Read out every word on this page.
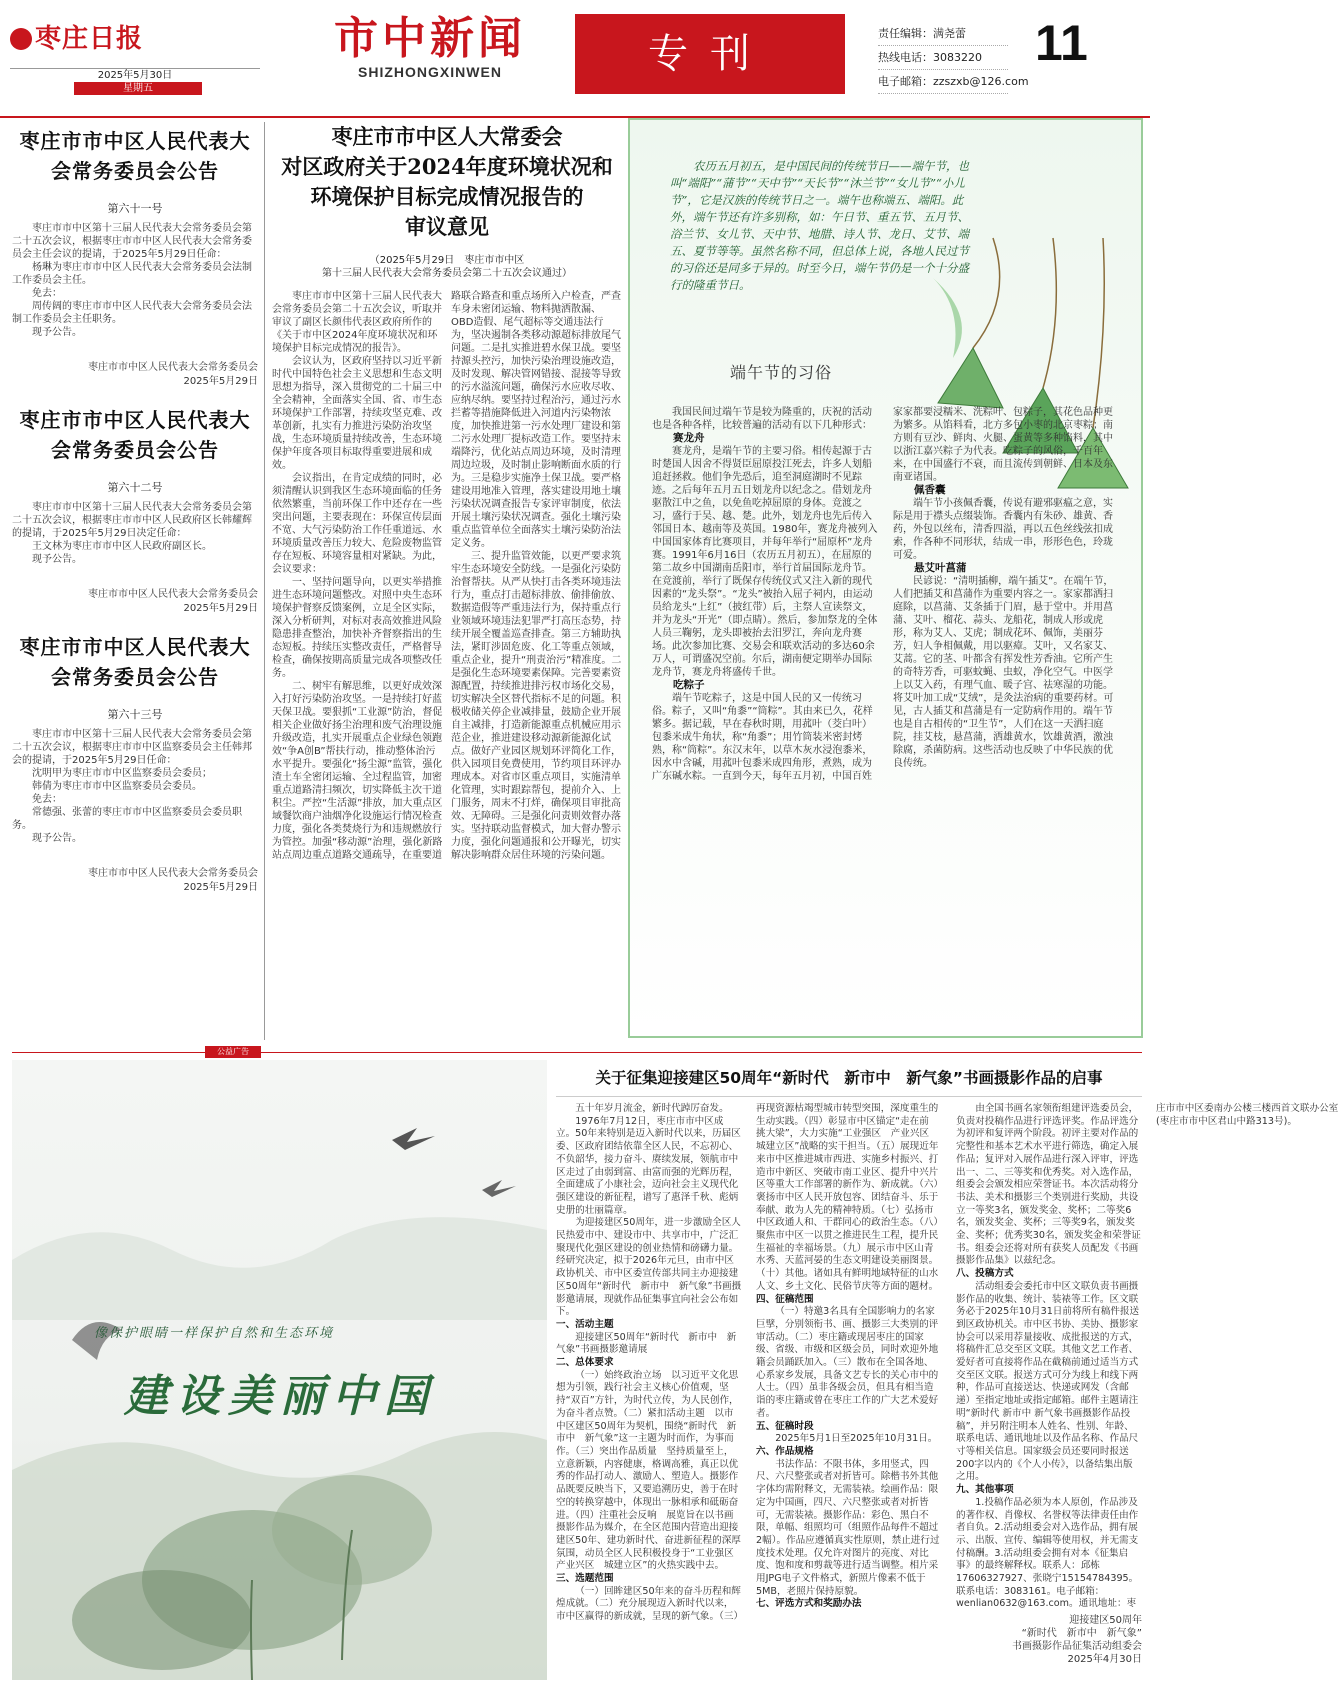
枣庄日报
2025年5月30日
星期五
市中新闻
SHIZHONGXINWEN	专刊	责任编辑：满尧蕾
热线电话：3083220
电子邮箱：zzszxb@126.com
11
枣庄市市中区人民代表大会常务委员会公告
第六十一号

枣庄市市中区第十三届人民代表大会常务委员会第二十五次会议，根据枣庄市市中区人民代表大会常务委员会主任会议的提请，于2025年5月29日任命：

杨琳为枣庄市市中区人民代表大会常务委员会法制工作委员会主任。

免去：

周传阔的枣庄市市中区人民代表大会常务委员会法制工作委员会主任职务。

现予公告。

枣庄市市中区人民代表大会常务委员会
2025年5月29日
枣庄市市中区人民代表大会常务委员会公告
第六十二号

枣庄市市中区第十三届人民代表大会常务委员会第二十五次会议，根据枣庄市市中区人民政府区长韩耀辉的提请，于2025年5月29日决定任命：

王文林为枣庄市市中区人民政府副区长。

现予公告。

枣庄市市中区人民代表大会常务委员会
2025年5月29日
枣庄市市中区人民代表大会常务委员会公告
第六十三号

枣庄市市中区第十三届人民代表大会常务委员会第二十五次会议，根据枣庄市市中区监察委员会主任韩邦会的提请，于2025年5月29日任命：

沈明甲为枣庄市市中区监察委员会委员；

韩倩为枣庄市市中区监察委员会委员。

免去：

常德强、张蕾的枣庄市市中区监察委员会委员职务。

现予公告。

枣庄市市中区人民代表大会常务委员会
2025年5月29日
枣庄市市中区人大常委会
对区政府关于2024年度环境状况和
环境保护目标完成情况报告的
审议意见
（2025年5月29日　枣庄市市中区
第十三届人民代表大会常务委员会第二十五次会议通过）

枣庄市市中区第十三届人民代表大会常务委员会第二十五次会议，听取并审议了副区长颜伟代表区政府所作的《关于市中区2024年度环境状况和环境保护目标完成情况的报告》。

会议认为，区政府坚持以习近平新时代中国特色社会主义思想和生态文明思想为指导，深入贯彻党的二十届三中全会精神，全面落实全国、省、市生态环境保护工作部署，持续攻坚克难、改革创新，扎实有力推进污染防治攻坚战，生态环境质量持续改善，生态环境保护年度各项目标取得重要进展和成效。

会议指出，在肯定成绩的同时，必须清醒认识到我区生态环境面临的任务依然繁重，当前环保工作中还存在一些突出问题，主要表现在：环保宣传层面不宽、大气污染防治工作任重道远、水环境质量改善压力较大、危险废物监管存在短板、环境容量相对紧缺。为此，会议要求：

一、坚持问题导向，以更实举措推进生态环境问题整改。对照中央生态环境保护督察反馈案例，立足全区实际，深入分析研判，对标对表高效推进风险隐患排查整治，加快补齐督察指出的生态短板。持续压实整改责任，严格督导检查，确保按期高质量完成各项整改任务。

二、树牢有解思维，以更好成效深入打好污染防治攻坚。一是持续打好蓝天保卫战。要狠抓“工业源”防治，督促相关企业做好扬尘治理和废气治理设施升级改造，扎实开展重点企业绿色领跑效“争A创B”帮扶行动，推动整体治污水平提升。要强化“扬尘源”监管，强化渣土车全密闭运输、全过程监管，加密重点道路清扫频次，切实降低主次干道积尘。严控“生活源”排放，加大重点区域餐饮商户油烟净化设施运行情况检查力度，强化各类焚烧行为和违规燃放行为管控。加强“移动源”治理，强化新路站点周边重点道路交通疏导，在重要道路联合路查和重点场所入户检查，严查车身未密闭运输、物料抛洒散漏、OBD造假、尾气超标等交通违法行为，坚决遏制各类移动源超标排放尾气问题。二是扎实推进碧水保卫战。要坚持源头控污，加快污染治理设施改造，及时发现、解决管网错接、混接等导致的污水溢流问题，确保污水应收尽收、应纳尽纳。要坚持过程治污，通过污水拦蓄等措施降低进入河道内污染物浓度，加快推进第一污水处理厂建设和第二污水处理厂提标改造工作。要坚持末端降污，优化站点周边环境，及时清理周边垃圾，及时制止影响断面水质的行为。三是稳步实施净土保卫战。要严格建设用地准入管理，落实建设用地土壤污染状况调查报告专家评审制度，依法开展土壤污染状况调查。强化土壤污染重点监管单位全面落实土壤污染防治法定义务。

三、提升监管效能，以更严要求筑牢生态环境安全防线。一是强化污染防治督帮扶。从严从快打击各类环境违法行为，重点打击超标排放、偷排偷放、数据造假等严重违法行为，保持重点行业领域环境违法犯罪严打高压态势，持续开展全覆盖巡查排查。第三方辅助执法，紧盯涉固危废、化工等重点领域，重点企业，提升“刑责治污”精准度。二是强化生态环境要素保障。完善要素资源配置，持续推进排污权市场化交易，切实解决全区替代指标不足的问题。积极收储关停企业减排量，鼓励企业开展自主减排，打造新能源重点机械应用示范企业，推进建设移动源新能源化试点。做好产业园区规划环评简化工作，供入园项目免费使用，节约项目环评办理成本。对省市区重点项目，实施清单化管理，实时跟踪帮包，提前介入、上门服务，周末不打烊，确保项目审批高效、无障碍。三是强化问责则效督办落实。坚持联动监督模式，加大督办警示力度，强化问题通报和公开曝光，切实解决影响群众居住环境的污染问题。

农历五月初五，是中国民间的传统节日——端午节，也叫“端阳”“蒲节”“天中节”“天长节”“沐兰节”“女儿节”“小儿节”，它是汉族的传统节日之一。端午也称端五、端阳。此外，端午节还有许多别称，如：午日节、重五节、五月节、浴兰节、女儿节、天中节、地腊、诗人节、龙日、艾节、端五、夏节等等。虽然名称不同，但总体上说，各地人民过节的习俗还是同多于异的。时至今日，端午节仍是一个十分盛行的隆重节日。
端午节的习俗

我国民间过端午节是较为隆重的，庆祝的活动也是各种各样，比较普遍的活动有以下几种形式：

赛龙舟

赛龙舟，是端午节的主要习俗。相传起源于古时楚国人因舍不得贤臣屈原投江死去，许多人划船追赶拯救。他们争先恐后，追至洞庭湖时不见踪迹。之后每年五月五日划龙舟以纪念之。借划龙舟驱散江中之鱼，以免鱼吃掉屈原的身体。竞渡之习，盛行于吴、越、楚。此外，划龙舟也先后传入邻国日本、越南等及英国。1980年，赛龙舟被列入中国国家体育比赛项目，并每年举行“屈原杯”龙舟赛。1991年6月16日（农历五月初五），在屈原的第二故乡中国湖南岳阳市，举行首届国际龙舟节。在竞渡前，举行了既保存传统仪式又注入新的现代因素的“龙头祭”。“龙头”被抬入屈子祠内，由运动员给龙头“上红”（披红带）后，主祭人宣读祭文，并为龙头“开光”（即点睛）。然后，参加祭龙的全体人员三鞠躬，龙头即被抬去汨罗江，奔向龙舟赛场。此次参加比赛、交易会和联欢活动的多达60余万人，可谓盛况空前。尔后，湖南便定期举办国际龙舟节，赛龙舟将盛传千世。

吃粽子

端午节吃粽子，这是中国人民的又一传统习俗。粽子，又叫“角黍”“筒粽”。其由来已久，花样繁多。据记载，早在春秋时期，用菰叶（茭白叶）包黍米成牛角状，称“角黍”；用竹筒装米密封烤熟，称“筒粽”。东汉末年，以草木灰水浸泡黍米，因水中含碱，用菰叶包黍米成四角形，煮熟，成为广东碱水粽。一直到今天，每年五月初，中国百姓家家都要浸糯米、洗粽叶、包粽子，其花色品种更为繁多。从馅料看，北方多包小枣的北京枣粽；南方则有豆沙、鲜肉、火腿、蛋黄等多种馅料，其中以浙江嘉兴粽子为代表。吃粽子的风俗，千百年来，在中国盛行不衰，而且流传到朝鲜、日本及东南亚诸国。

佩香囊

端午节小孩佩香囊，传说有避邪驱瘟之意，实际是用于襟头点缀装饰。香囊内有朱砂、雄黄、香药，外包以丝布，清香四溢，再以五色丝线弦扣成索，作各种不同形状，结成一串，形形色色，玲珑可爱。

悬艾叶菖蒲

民谚说：“清明插柳，端午插艾”。在端午节，人们把插艾和菖蒲作为重要内容之一。家家都洒扫庭除，以菖蒲、艾条插于门眉，悬于堂中。并用菖蒲、艾叶、榴花、蒜头、龙船花，制成人形或虎形，称为艾人、艾虎；制成花环、佩饰，美丽芬芳，妇人争相佩戴，用以驱瘴。艾叶，又名家艾、艾蒿。它的茎、叶都含有挥发性芳香油。它所产生的奇特芳香，可驱蚊蝇、虫蚁，净化空气。中医学上以艾入药，有理气血、暖子宫、祛寒湿的功能。将艾叶加工成“艾绒”，是灸法治病的重要药材。可见，古人插艾和菖蒲是有一定防病作用的。端午节也是自古相传的“卫生节”，人们在这一天洒扫庭院，挂艾枝，悬菖蒲，洒雄黄水，饮雄黄酒，激浊除腐，杀菌防病。这些活动也反映了中华民族的优良传统。

公益广告
像保护眼睛一样保护自然和生态环境
建设美丽中国
关于征集迎接建区50周年“新时代　新市中　新气象”书画摄影作品的启事

五十年岁月流金，新时代踔厉奋发。

1976年7月12日，枣庄市市中区成立。50年来特别是迈入新时代以来，历届区委、区政府团结依靠全区人民，不忘初心、不负韶华，接力奋斗、赓续发展，领航市中区走过了由弱到富、由富而强的光辉历程，全面建成了小康社会，迈向社会主义现代化强区建设的新征程，谱写了惠泽千秋、彪炳史册的壮丽篇章。

为迎接建区50周年，进一步激励全区人民热爱市中、建设市中、共享市中，广泛汇聚现代化强区建设的创业热情和磅礴力量。经研究决定，拟于2026年元旦，由市中区政协机关、市中区委宣传部共同主办迎接建区50周年“新时代　新市中　新气象”书画摄影邀请展，现就作品征集事宜向社会公布如下。

一、活动主题

迎接建区50周年“新时代　新市中　新气象”书画摄影邀请展

二、总体要求

（一）始终政治立场　以习近平文化思想为引领，践行社会主义核心价值观，坚持“双百”方针，为时代立传，为人民创作，为奋斗者点赞。（二）紧扣活动主题　以市中区建区50周年为契机，围绕“新时代　新市中　新气象”这一主题为时而作，为事而作。（三）突出作品质量　坚持质量至上，立意新颖，内容健康，格调高雅，真正以优秀的作品打动人、激励人、塑造人。摄影作品既要反映当下，又要追溯历史，善于在时空的转换穿越中，体现出一脉相承和砥砺奋进。（四）注重社会反响　展览旨在以书画摄影作品为媒介，在全区范围内营造出迎接建区50年、建功新时代、奋进新征程的深厚氛围，动员全区人民积极投身于“工业强区　产业兴区　城建立区”的火热实践中去。

三、选题范围

（一）回眸建区50年来的奋斗历程和辉煌成就。（二）充分展现迈入新时代以来，市中区赢得的新成就，呈现的新气象。（三）再现资源枯竭型城市转型突围，深度重生的生动实践。（四）彰显市中区锚定“走在前　挑大梁”，大力实施“工业强区　产业兴区　城建立区”战略的实干担当。（五）展现近年来市中区推进城市西进、实施乡村振兴、打造市中新区、突破市南工业区、提升中兴片区等重大工作部署的新作为、新成就。（六）褒扬市中区人民开放包容、团结奋斗、乐于奉献、敢为人先的精神特质。（七）弘扬市中区政通人和、干群同心的政治生态。（八）聚焦市中区一以贯之推进民生工程，提升民生福祉的幸福场景。（九）展示市中区山青水秀、天蓝河晏的生态文明建设美丽图景。（十）其他。诸如具有鲜明地域特征的山水人文、乡土文化、民俗节庆等方面的题材。

四、征稿范围

（一）特邀3名具有全国影响力的名家巨擘，分别领衔书、画、摄影三大类别的评审活动。（二）枣庄籍或现居枣庄的国家级、省级、市级和区级会员，同时欢迎外地籍会员踊跃加入。（三）散布在全国各地、心系家乡发展，具备文艺专长的关心市中的人士。（四）虽非各级会员，但具有相当造诣的枣庄籍或曾在枣庄工作的广大艺术爱好者。

五、征稿时段

2025年5月1日至2025年10月31日。

六、作品规格

书法作品：不限书体，多用竖式，四尺、六尺整张或者对折皆可。除楷书外其他字体均需附释文，无需装裱。绘画作品：限定为中国画，四尺、六尺整张或者对折皆可，无需装裱。摄影作品：彩色、黑白不限，单幅、组照均可（组照作品每件不超过2幅）。作品应遵循真实性原则，禁止进行过度技术处理。仅允许对图片的亮度、对比度、饱和度和剪裁等进行适当调整。相片采用JPG电子文件格式，新照片像素不低于5MB，老照片保持原貌。

七、评选方式和奖励办法

由全国书画名家领衔组建评选委员会，负责对投稿作品进行评选评奖。作品评选分为初评和复评两个阶段。初评主要对作品的完整性和基本艺术水平进行筛选，确定入展作品；复评对入展作品进行深入评审，评选出一、二、三等奖和优秀奖。对入选作品，组委会会颁发相应荣誉证书。本次活动将分书法、美术和摄影三个类别进行奖励，共设立一等奖3名，颁发奖金、奖杯；二等奖6名，颁发奖金、奖杯；三等奖9名，颁发奖金、奖杯；优秀奖30名，颁发奖金和荣誉证书。组委会还将对所有获奖人员配发《书画摄影作品集》以兹纪念。

八、投稿方式

活动组委会委托市中区文联负责书画摄影作品的收集、统计、装裱等工作。区文联务必于2025年10月31日前将所有稿件报送到区政协机关。市中区书协、美协、摄影家协会可以采用荐量接收、成批报送的方式，将稿件汇总交至区文联。其他文艺工作者、爱好者可直接将作品在截稿前通过适当方式交至区文联。报送方式可分为线上和线下两种，作品可直接送达、快递或网发（含邮递）至指定地址或指定邮箱。邮件主题请注明“新时代 新市中 新气象书画摄影作品投稿”，并另附注明本人姓名、性别、年龄、联系电话、通讯地址以及作品名称、作品尺寸等相关信息。国家级会员还要同时报送200字以内的《个人小传》，以备结集出版之用。

九、其他事项

1.投稿作品必须为本人原创，作品涉及的著作权、肖像权、名誉权等法律责任由作者自负。2.活动组委会对入选作品，拥有展示、出版、宣传、编辑等使用权，并无需支付稿酬。3.活动组委会拥有对本《征集启事》的最终解释权。联系人：邱栋17606327927、张晓宁15154784395。联系电话：3083161。电子邮箱：wenlian0632@163.com。通讯地址：枣庄市市中区委南办公楼三楼西首文联办公室(枣庄市市中区君山中路313号)。

迎接建区50周年
“新时代　新市中　新气象”
书画摄影作品征集活动组委会
2025年4月30日
